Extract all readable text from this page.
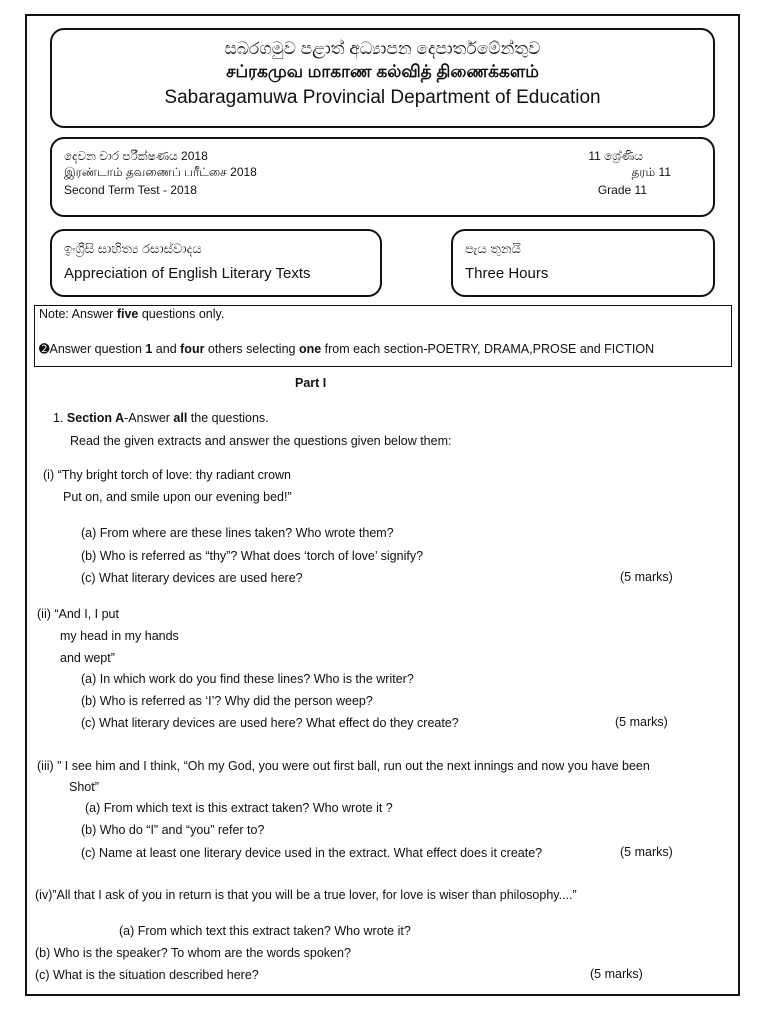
සබරගමුව පළාත් අධ්‍යාපන දෙපාර්තමේන්තුව
சப்ரகமுவ மாகாண கல்வித் திணைக்களம்
Sabaragamuwa Provincial Department of Education
දෙවන වාර පරීක්ෂණය 2018	11 ශ්‍රේණිය
இரண்டாம் தவணைப் பரீட்சை 2018	தரம் 11
Second Term Test - 2018	Grade 11
ඉංග්‍රීසි සාහිත්‍ය රසාස්වාදය
Appreciation of English Literary Texts
පැය තුනයි
Three Hours
Note: Answer five questions only.
➋Answer question 1 and four others selecting one from each section-POETRY, DRAMA,PROSE and FICTION
Part I
1. Section A-Answer all the questions.
Read the given extracts and answer the questions given below them:
(i) “Thy bright torch of love: thy radiant crown
Put on, and smile upon our evening bed!”
(a) From where are these lines taken? Who wrote them?
(b) Who is referred as “thy”? What does ‘torch of love’ signify?
(c) What literary devices are used here?	(5 marks)
(ii) “And I, I put
my head in my hands
and wept”
(a) In which work do you find these lines? Who is the writer?
(b) Who is referred as ‘I’? Why did the person weep?
(c) What literary devices are used here? What effect do they create?	(5 marks)
(iii) ” I see him and I think, “Oh my God, you were out first ball, run out the next innings and now you have been
Shot”
(a) From which text is this extract taken? Who wrote it ?
(b) Who do “I” and “you” refer to?
(c) Name at least one literary device used in the extract. What effect does it create?	(5 marks)
(iv)”All that I ask of you in return is that you will be a true lover, for love is wiser than philosophy....”
(a) From which text this extract taken? Who wrote it?
(b) Who is the speaker? To whom are the words spoken?
(c) What is the situation described here?	(5 marks)
